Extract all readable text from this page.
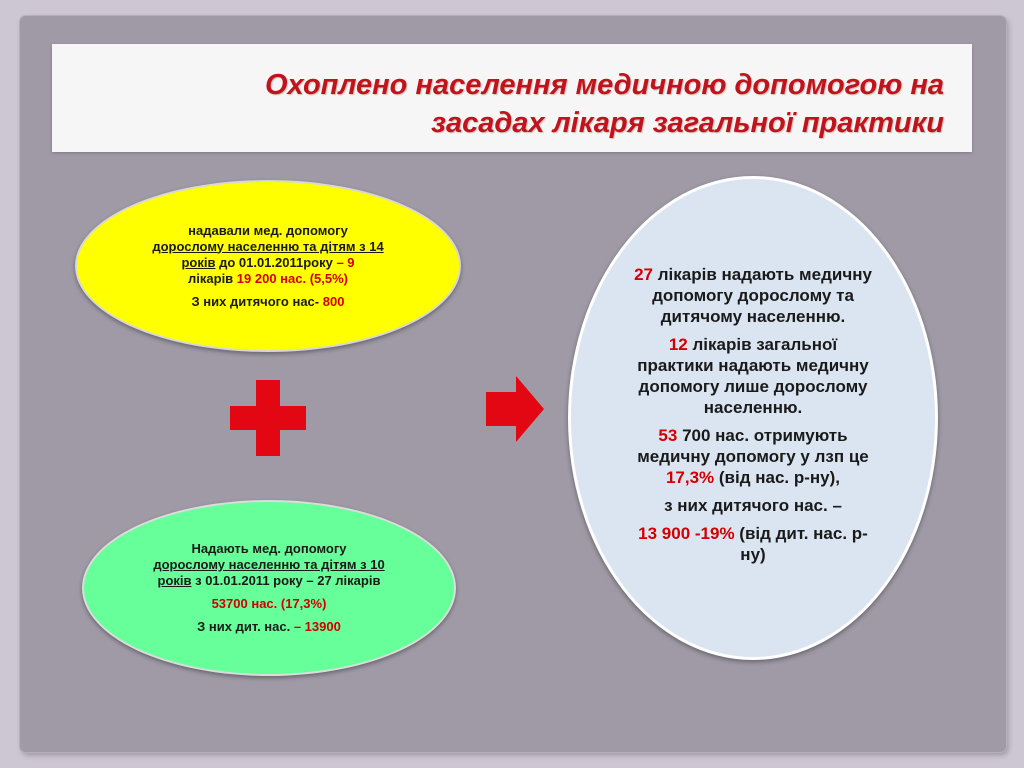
Охоплено населення медичною допомогою на
засадах лікаря загальної практики

надавали мед. допомогу
дорослому населенню та дітям з 14 років до 01.01.2011року – 9
лікарів 19 200 нас. (5,5%)

З них дитячого нас- 800

Надають мед. допомогу
дорослому населенню та дітям з 10 років з 01.01.2011 року – 27 лікарів

53700 нас. (17,3%)

З них дит. нас. – 13900

27 лікарів надають медичну допомогу дорослому та дитячому населенню.

12 лікарів загальної практики надають медичну допомогу лише дорослому населенню.

53 700 нас. отримують медичну допомогу у лзп це 17,3% (від нас. р-ну),

з них дитячого нас. –

13 900 -19% (від дит. нас. р-ну)
